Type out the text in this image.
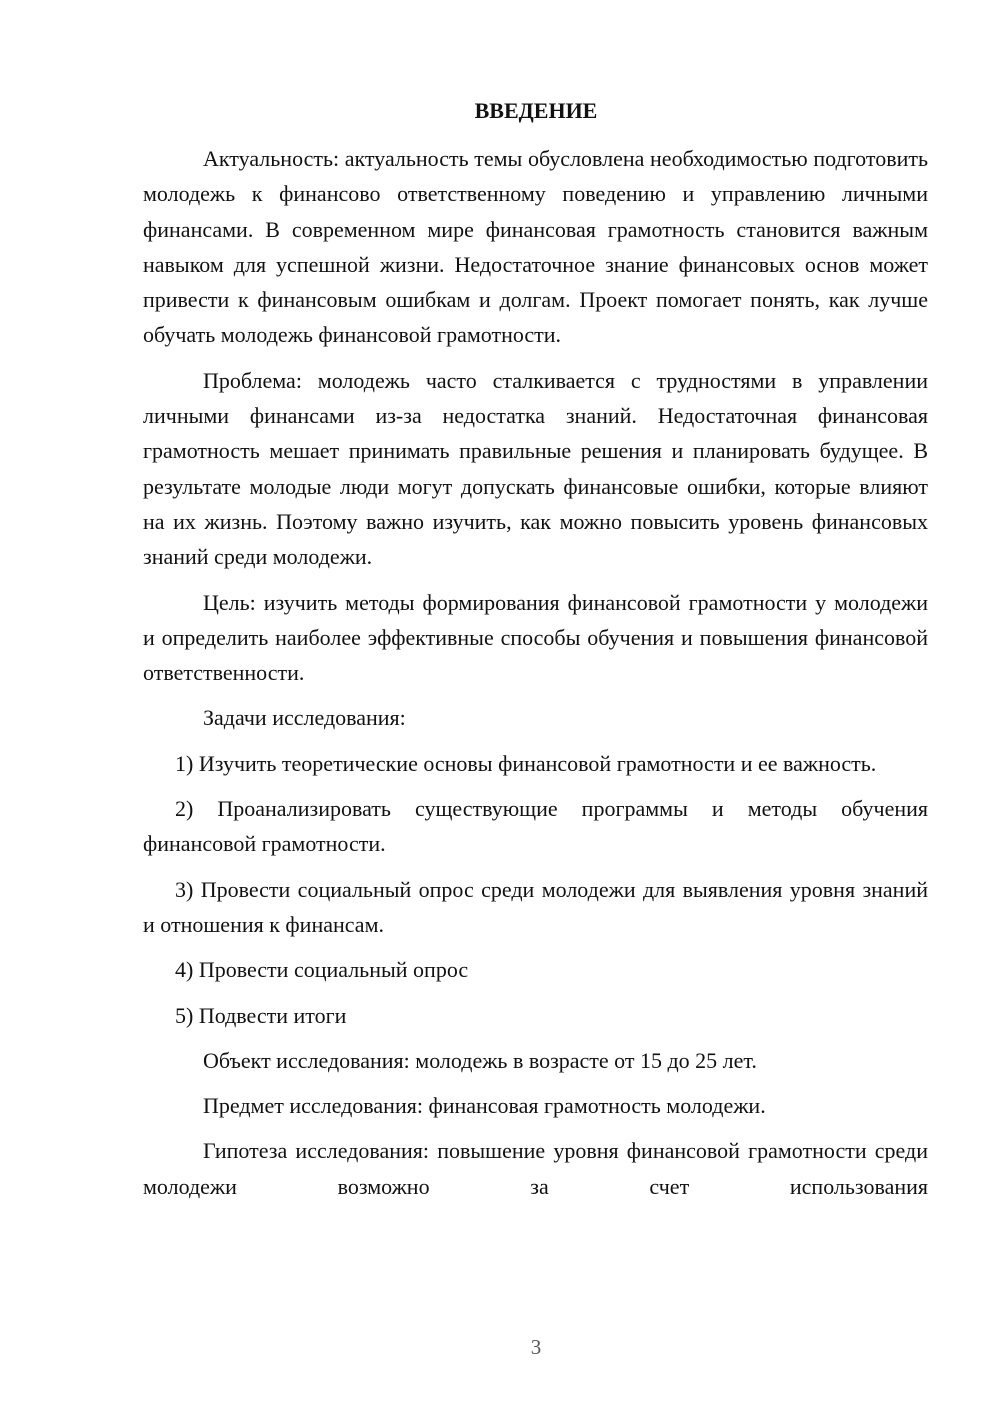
ВВЕДЕНИЕ

Актуальность: актуальность темы обусловлена необходимостью подготовить молодежь к финансово ответственному поведению и управлению личными финансами. В современном мире финансовая грамотность становится важным навыком для успешной жизни. Недостаточное знание финансовых основ может привести к финансовым ошибкам и долгам. Проект помогает понять, как лучше обучать молодежь финансовой грамотности.

Проблема: молодежь часто сталкивается с трудностями в управлении личными финансами из-за недостатка знаний. Недостаточная финансовая грамотность мешает принимать правильные решения и планировать будущее. В результате молодые люди могут допускать финансовые ошибки, которые влияют на их жизнь. Поэтому важно изучить, как можно повысить уровень финансовых знаний среди молодежи.

Цель: изучить методы формирования финансовой грамотности у молодежи и определить наиболее эффективные способы обучения и повышения финансовой ответственности.

Задачи исследования:

1) Изучить теоретические основы финансовой грамотности и ее важность.

2) Проанализировать существующие программы и методы обучения финансовой грамотности.

3) Провести социальный опрос среди молодежи для выявления уровня знаний и отношения к финансам.

4) Провести социальный опрос

5) Подвести итоги

Объект исследования: молодежь в возрасте от 15 до 25 лет.

Предмет исследования: финансовая грамотность молодежи.

Гипотеза исследования: повышение уровня финансовой грамотности среди молодежи возможно за счет использования

3
